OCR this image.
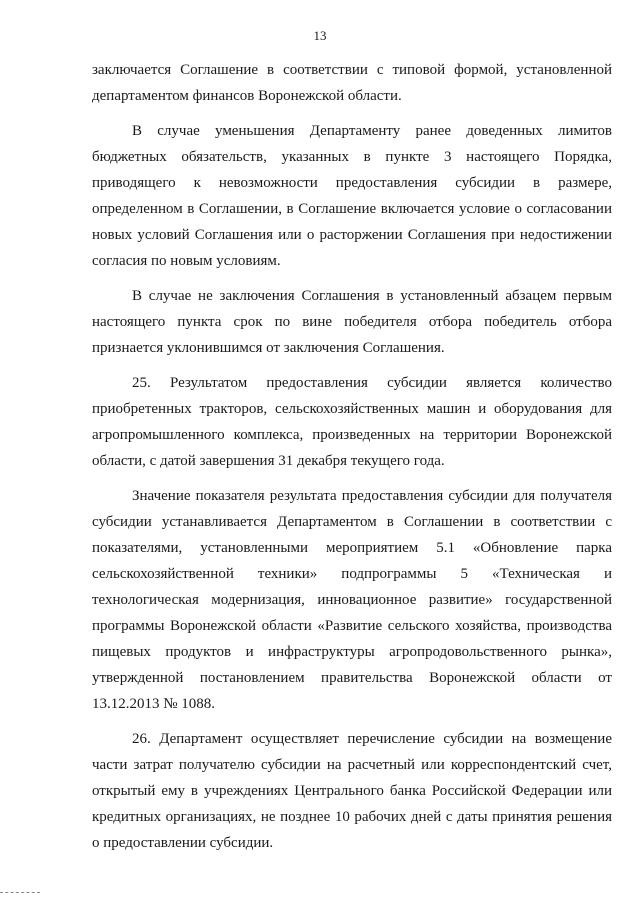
13

заключается Соглашение в соответствии с типовой формой, установленной департаментом финансов Воронежской области.

В случае уменьшения Департаменту ранее доведенных лимитов бюджетных обязательств, указанных в пункте 3 настоящего Порядка, приводящего к невозможности предоставления субсидии в размере, определенном в Соглашении, в Соглашение включается условие о согласовании новых условий Соглашения или о расторжении Соглашения при недостижении согласия по новым условиям.

В случае не заключения Соглашения в установленный абзацем первым настоящего пункта срок по вине победителя отбора победитель отбора признается уклонившимся от заключения Соглашения.

25. Результатом предоставления субсидии является количество приобретенных тракторов, сельскохозяйственных машин и оборудования для агропромышленного комплекса, произведенных на территории Воронежской области, с датой завершения 31 декабря текущего года.

Значение показателя результата предоставления субсидии для получателя субсидии устанавливается Департаментом в Соглашении в соответствии с показателями, установленными мероприятием 5.1 «Обновление парка сельскохозяйственной техники» подпрограммы 5 «Техническая и технологическая модернизация, инновационное развитие» государственной программы Воронежской области «Развитие сельского хозяйства, производства пищевых продуктов и инфраструктуры агропродовольственного рынка», утвержденной постановлением правительства Воронежской области от 13.12.2013 № 1088.

26. Департамент осуществляет перечисление субсидии на возмещение части затрат получателю субсидии на расчетный или корреспондентский счет, открытый ему в учреждениях Центрального банка Российской Федерации или кредитных организациях, не позднее 10 рабочих дней с даты принятия решения о предоставлении субсидии.
